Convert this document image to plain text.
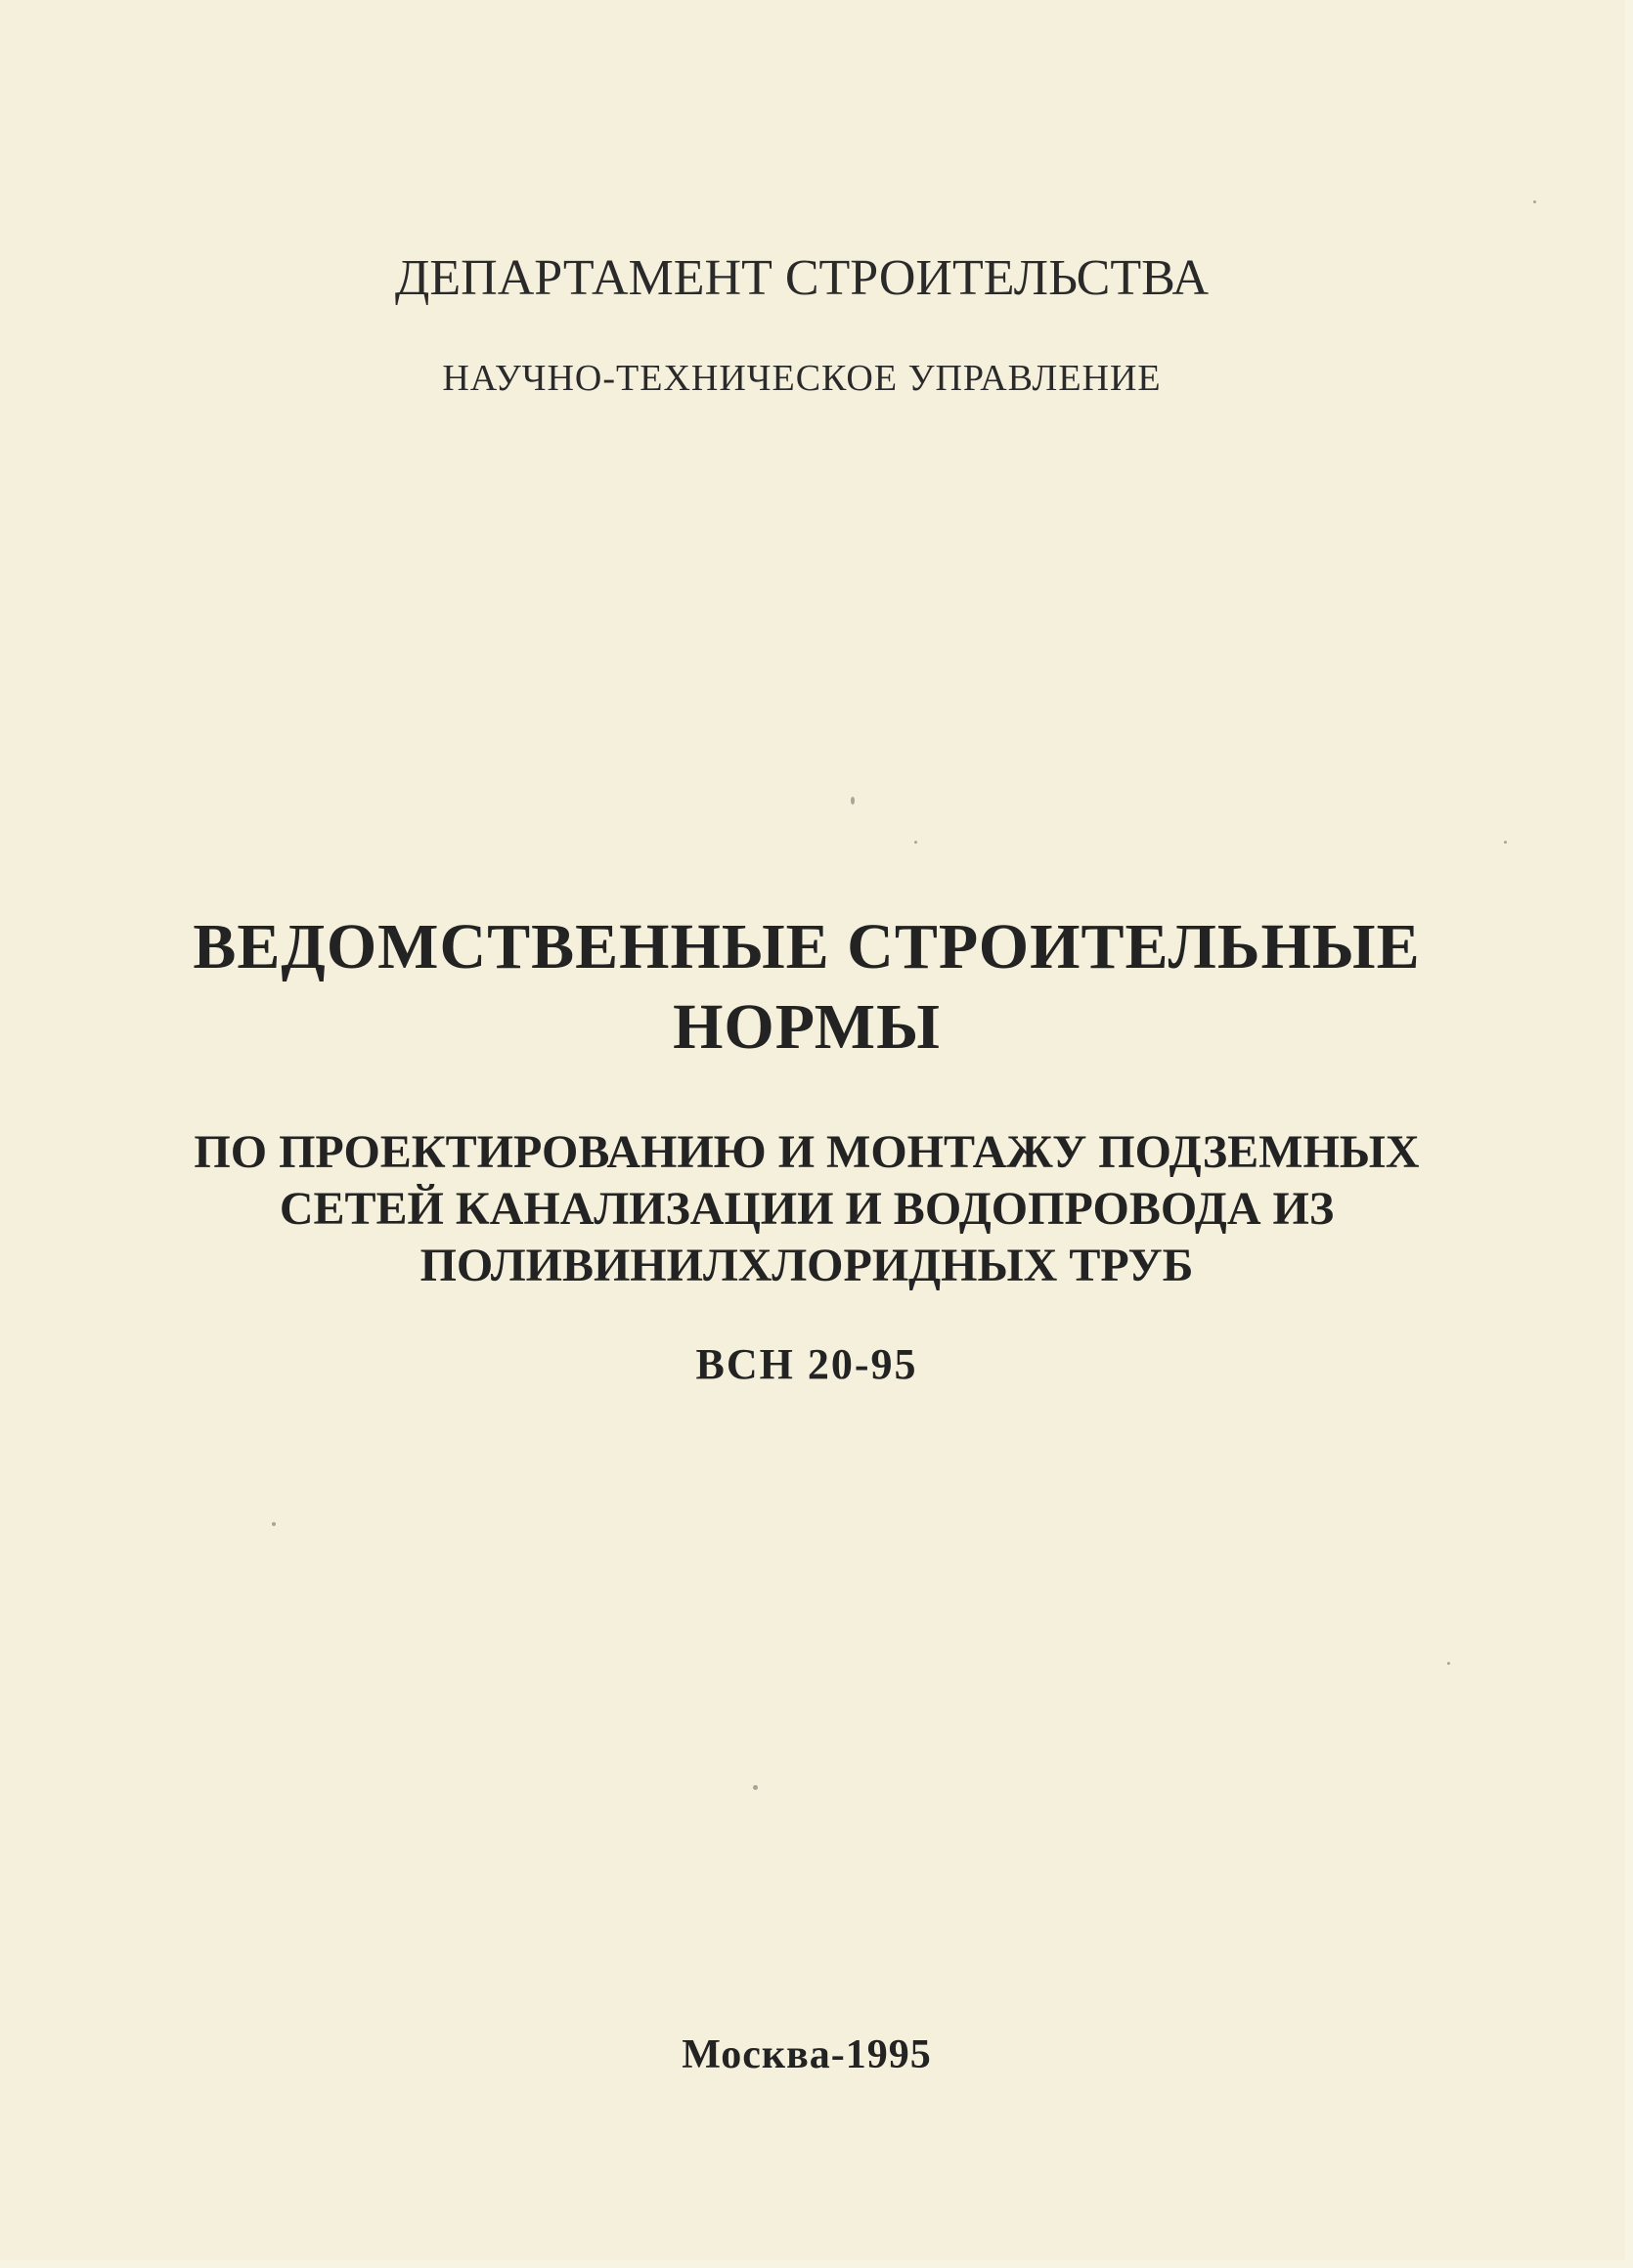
ДЕПАРТАМЕНТ СТРОИТЕЛЬСТВА
НАУЧНО-ТЕХНИЧЕСКОЕ УПРАВЛЕНИЕ
ВЕДОМСТВЕННЫЕ СТРОИТЕЛЬНЫЕ
НОРМЫ
ПО ПРОЕКТИРОВАНИЮ И МОНТАЖУ ПОДЗЕМНЫХ
СЕТЕЙ КАНАЛИЗАЦИИ И ВОДОПРОВОДА ИЗ
ПОЛИВИНИЛХЛОРИДНЫХ ТРУБ
ВСН 20-95
Москва-1995
